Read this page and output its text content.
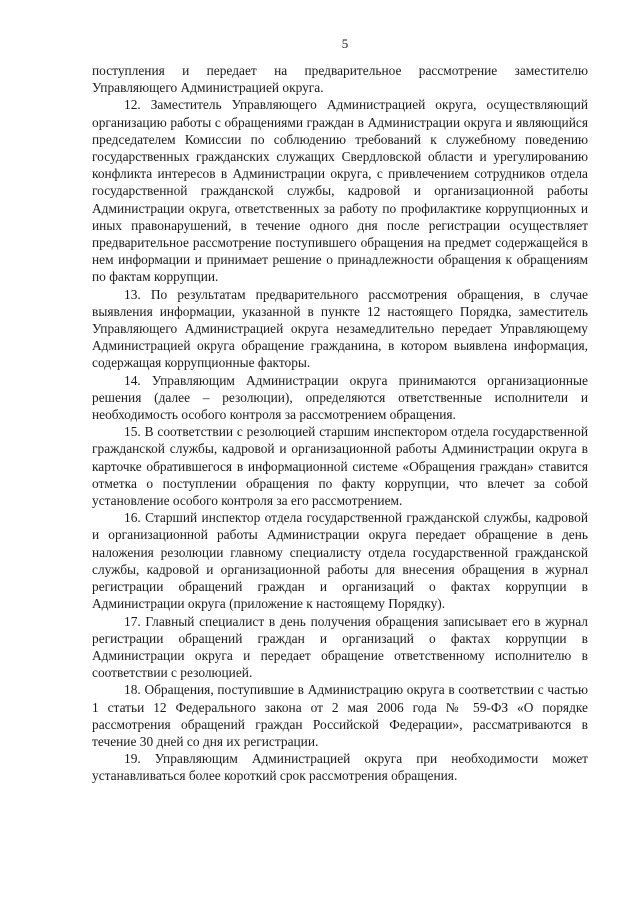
5

поступления и передает на предварительное рассмотрение заместителю Управляющего Администрацией округа.

12. Заместитель Управляющего Администрацией округа, осуществляющий организацию работы с обращениями граждан в Администрации округа и являющийся председателем Комиссии по соблюдению требований к служебному поведению государственных гражданских служащих Свердловской области и урегулированию конфликта интересов в Администрации округа, с привлечением сотрудников отдела государственной гражданской службы, кадровой и организационной работы Администрации округа, ответственных за работу по профилактике коррупционных и иных правонарушений, в течение одного дня после регистрации осуществляет предварительное рассмотрение поступившего обращения на предмет содержащейся в нем информации и принимает решение о принадлежности обращения к обращениям по фактам коррупции.

13. По результатам предварительного рассмотрения обращения, в случае выявления информации, указанной в пункте 12 настоящего Порядка, заместитель Управляющего Администрацией округа незамедлительно передает Управляющему Администрацией округа обращение гражданина, в котором выявлена информация, содержащая коррупционные факторы.

14. Управляющим Администрации округа принимаются организационные решения (далее – резолюции), определяются ответственные исполнители и необходимость особого контроля за рассмотрением обращения.

15. В соответствии с резолюцией старшим инспектором отдела государственной гражданской службы, кадровой и организационной работы Администрации округа в карточке обратившегося в информационной системе «Обращения граждан» ставится отметка о поступлении обращения по факту коррупции, что влечет за собой установление особого контроля за его рассмотрением.

16. Старший инспектор отдела государственной гражданской службы, кадровой и организационной работы Администрации округа передает обращение в день наложения резолюции главному специалисту отдела государственной гражданской службы, кадровой и организационной работы для внесения обращения в журнал регистрации обращений граждан и организаций о фактах коррупции в Администрации округа (приложение к настоящему Порядку).

17. Главный специалист в день получения обращения записывает его в журнал регистрации обращений граждан и организаций о фактах коррупции в Администрации округа и передает обращение ответственному исполнителю в соответствии с резолюцией.

18. Обращения, поступившие в Администрацию округа в соответствии с частью 1 статьи 12 Федерального закона от 2 мая 2006 года № 59-ФЗ «О порядке рассмотрения обращений граждан Российской Федерации», рассматриваются в течение 30 дней со дня их регистрации.

19. Управляющим Администрацией округа при необходимости может устанавливаться более короткий срок рассмотрения обращения.
